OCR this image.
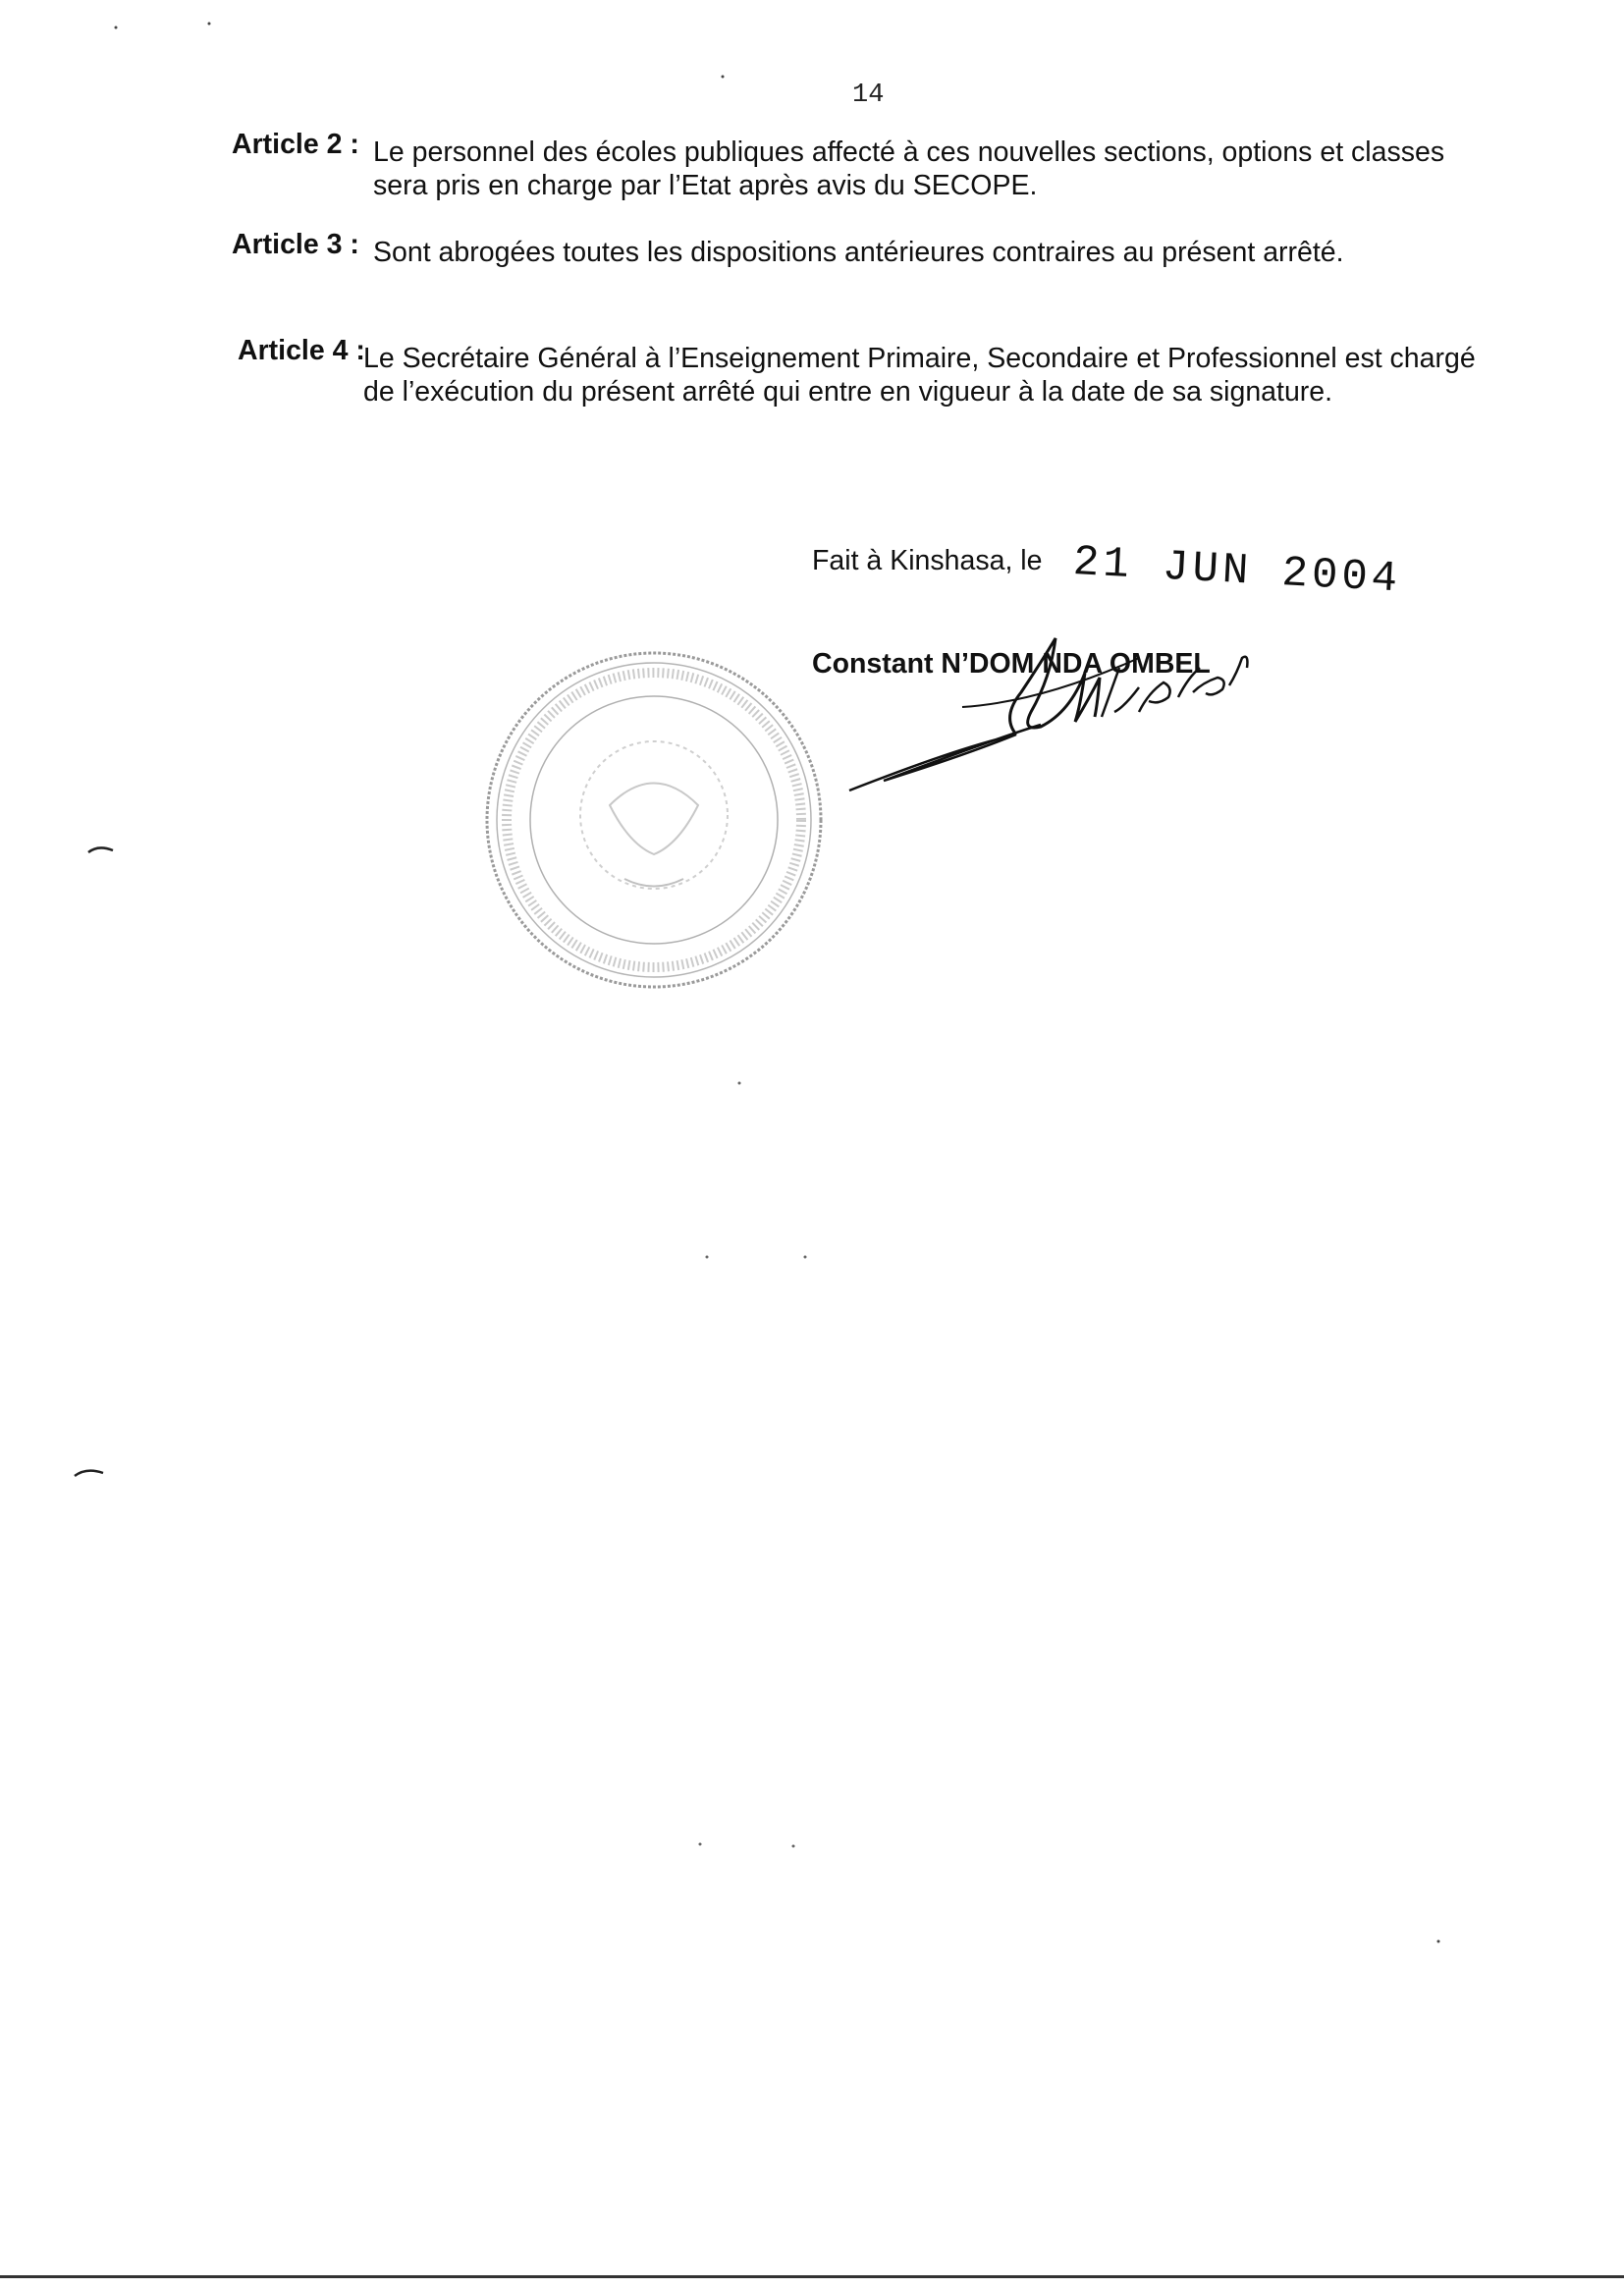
14
Article 2 : Le personnel des écoles publiques affecté à ces nouvelles sections, options et classes sera pris en charge par l’Etat après avis du SECOPE.
Article 3 : Sont abrogées toutes les dispositions antérieures contraires au présent arrêté.
Article 4 :
Le Secrétaire Général à l’Enseignement Primaire, Secondaire et Professionnel est chargé de l’exécution du présent arrêté qui entre en vigueur à la date de sa signature.
Fait à Kinshasa, le 21 JUN 2004
Constant N’DOM NDA OMBEL
